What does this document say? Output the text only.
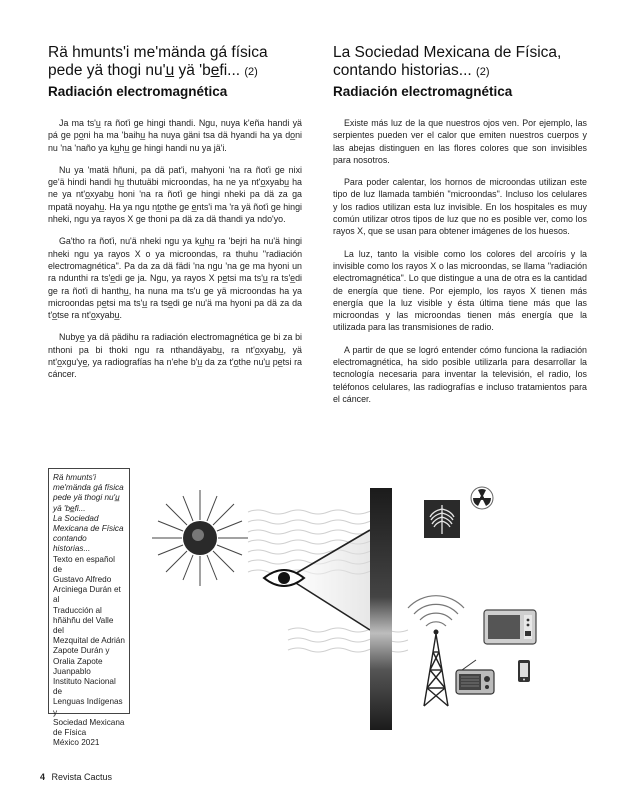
Rä hmunts'i me'mända gá física pede yä thogi nu'u̲ yä 'be̲fi... (2)
Radiación electromagnética

Ja ma ts'u̲ ra ñoťi ge hingi thandi. Ngu, nuya k'eña handi yä pá ge po̲ni ha ma 'baihu̲ ha nuya gäni tsa dä hyandi ha ya do̲ni nu 'na 'naño ya ku̲hu̲ ge hingi handi nu ya jä'i.

Nu ya 'matä hñuni, pa dä pat'i, mahyoni 'na ra ñoťi ge nixi ge'ä hindi handi hu̲ thutuäbi microondas, ha ne ya nt'o̲xyabu̲ ha ne ya nt'o̲xyabu̲ honi 'na ra ñoťi ge hingi nheki pa dä za ga mpatä noyahu̲. Ha ya ngu nt̲othe ge e̲nts'i ma 'ra yä ñoťi ge hingi nheki, ngu ya rayos X ge thoni pa dä za dä thandi ya ndo'yo.

Ga'tho ra ñoťi, nu'ä nheki ngu ya ku̲hu̲ ra 'bejri ha nu'ä hingi nheki ngu ya rayos X o ya microondas, ra thuhu "radiación electromagnética". Pa da za dä fädi 'na ngu 'na ge ma hyoni un ra ndunthi ra ts'e̲di ge ja. Ngu, ya rayos X pe̲tsi ma ts'u̲ ra ts'e̲di ge ra ñoťi di hanthu̲, ha nuna ma ts'u ge yä microondas ha ya microondas pe̲tsi ma ts'u̲ ra tse̲di ge nu'ä ma hyoni pa dä za da t'o̲tse ra nt'o̲xyabu̲.

Nubye̲ ya dä pädihu ra radiación electromagnética ge bi za bi nthoni pa bi thoki ngu ra nthandäyabu̲, ra nt'o̲xyabu̲, yä nt'o̲xgu'ye̲, ya radiografías ha n'ehe b'u̲ da za t'o̲the nu'u̲ pe̲tsi ra cáncer.

La Sociedad Mexicana de Física, contando historias... (2)
Radiación electromagnética

Existe más luz de la que nuestros ojos ven. Por ejemplo, las serpientes pueden ver el calor que emiten nuestros cuerpos y las abejas distinguen en las flores colores que son invisibles para nosotros.

Para poder calentar, los hornos de microondas utilizan este tipo de luz llamada también "microondas". Incluso los celulares y los radios utilizan esta luz invisible. En los hospitales es muy común utilizar otros tipos de luz que no es posible ver, como los rayos X, que se usan para obtener imágenes de los huesos.

La luz, tanto la visible como los colores del arcoíris y la invisible como los rayos X o las microondas, se llama "radiación electromagnética". Lo que distingue a una de otra es la cantidad de energía que tiene. Por ejemplo, los rayos X tienen más energía que la luz visible y ésta última tiene más que las microondas y las microondas tienen más energía que la utilizada para las transmisiones de radio.

A partir de que se logró entender cómo funciona la radiación electromagnética, ha sido posible utilizarla para desarrollar la tecnología necesaria para inventar la televisión, el radio, los teléfonos celulares, las radiografías e incluso tratamientos para el cáncer.

Rä hmunts'i
me'mända gá física
pede yä thogi nu'u̲
yä 'be̲fi...
La Sociedad
Mexicana de Física
contando historias...
Texto en español de
Gustavo Alfredo
Arciniega Durán et al
Traducción al
hñähñu del Valle del
Mezquital de Adrián
Zapote Durán y
Oralia Zapote
Juanpablo
Instituto Nacional de
Lenguas Indígenas y
Sociedad Mexicana
de Física
México 2021
4 Revista Cactus
